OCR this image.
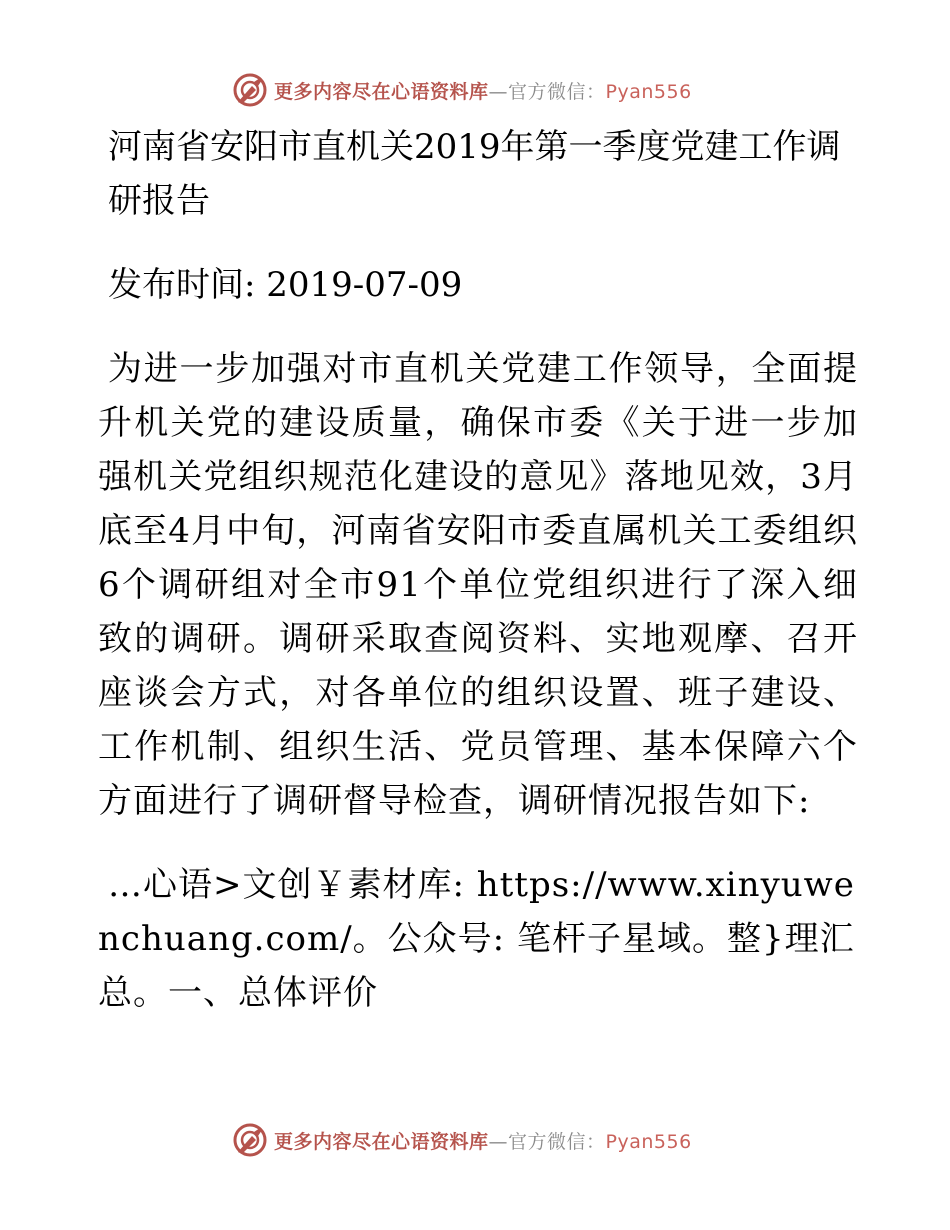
更多内容尽在心语资料库—官方微信：Pyan556
河南省安阳市直机关2019年第一季度党建工作调研报告

发布时间: 2019-07-09

为进一步加强对市直机关党建工作领导，全面提升机关党的建设质量，确保市委《关于进一步加强机关党组织规范化建设的意见》落地见效，3月底至4月中旬，河南省安阳市委直属机关工委组织6个调研组对全市91个单位党组织进行了深入细致的调研。调研采取查阅资料、实地观摩、召开座谈会方式，对各单位的组织设置、班子建设、工作机制、组织生活、党员管理、基本保障六个方面进行了调研督导检查，调研情况报告如下:

…心语>文创￥素材库: https://www.xinyuwenchuang.com/。公众号: 笔杆子星域。整}理汇总。一、总体评价

更多内容尽在心语资料库—官方微信：Pyan556
